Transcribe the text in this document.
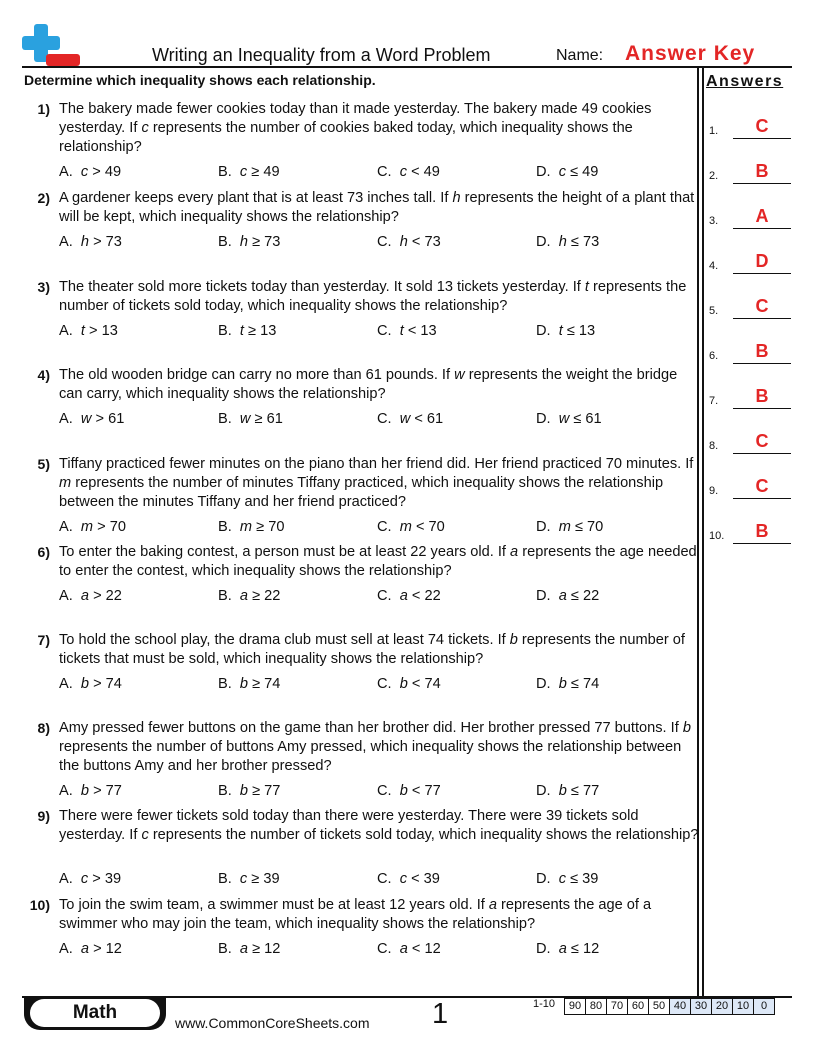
Writing an Inequality from a Word Problem	Name: Answer Key
Determine which inequality shows each relationship.	Answers
1.	C
2.	B
3.	A
4.	D
5.	C
6.	B
7.	B
8.	C
9.	C
10.	B
1) The bakery made fewer cookies today than it made yesterday. The bakery made 49 cookies yesterday. If c represents the number of cookies baked today, which inequality shows the relationship?
A. c > 49	B. c ≥ 49	C. c < 49	D. c ≤ 49
2) A gardener keeps every plant that is at least 73 inches tall. If h represents the height of a plant that will be kept, which inequality shows the relationship?
A. h > 73	B. h ≥ 73	C. h < 73	D. h ≤ 73
3) The theater sold more tickets today than yesterday. It sold 13 tickets yesterday. If t represents the number of tickets sold today, which inequality shows the relationship?
A. t > 13	B. t ≥ 13	C. t < 13	D. t ≤ 13
4) The old wooden bridge can carry no more than 61 pounds. If w represents the weight the bridge can carry, which inequality shows the relationship?
A. w > 61	B. w ≥ 61	C. w < 61	D. w ≤ 61
5) Tiffany practiced fewer minutes on the piano than her friend did. Her friend practiced 70 minutes. If m represents the number of minutes Tiffany practiced, which inequality shows the relationship between the minutes Tiffany and her friend practiced?
A. m > 70	B. m ≥ 70	C. m < 70	D. m ≤ 70
6) To enter the baking contest, a person must be at least 22 years old. If a represents the age needed to enter the contest, which inequality shows the relationship?
A. a > 22	B. a ≥ 22	C. a < 22	D. a ≤ 22
7) To hold the school play, the drama club must sell at least 74 tickets. If b represents the number of tickets that must be sold, which inequality shows the relationship?
A. b > 74	B. b ≥ 74	C. b < 74	D. b ≤ 74
8) Amy pressed fewer buttons on the game than her brother did. Her brother pressed 77 buttons. If b represents the number of buttons Amy pressed, which inequality shows the relationship between the buttons Amy and her brother pressed?
A. b > 77	B. b ≥ 77	C. b < 77	D. b ≤ 77
9) There were fewer tickets sold today than there were yesterday. There were 39 tickets sold yesterday. If c represents the number of tickets sold today, which inequality shows the relationship?
A. c > 39	B. c ≥ 39	C. c < 39	D. c ≤ 39
10) To join the swim team, a swimmer must be at least 12 years old. If a represents the age of a swimmer who may join the team, which inequality shows the relationship?
A. a > 12	B. a ≥ 12	C. a < 12	D. a ≤ 12
Math	www.CommonCoreSheets.com 1	1-10	90 80 70 60 50 40 30 20 10	0
